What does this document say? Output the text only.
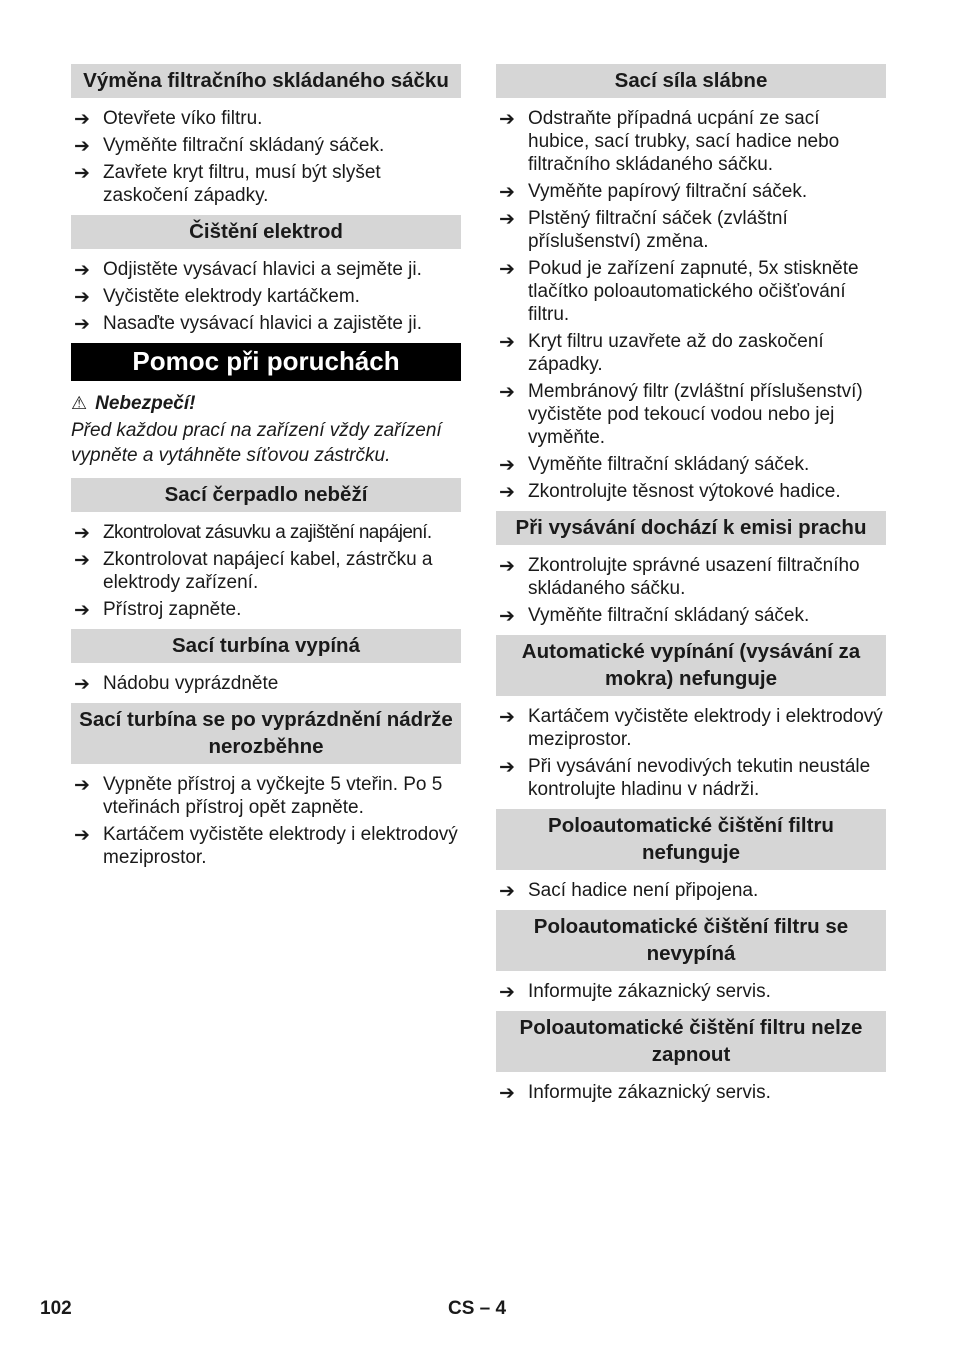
Výměna filtračního skládaného sáčku
➔ Otevřete víko filtru.
➔ Vyměňte filtrační skládaný sáček.
➔ Zavřete kryt filtru, musí být slyšet zaskočení západky.
Čištění elektrod
➔ Odjistěte vysávací hlavici a sejměte ji.
➔ Vyčistěte elektrody kartáčkem.
➔ Nasaďte vysávací hlavici a zajistěte ji.
Pomoc při poruchách
⚠ Nebezpečí!
Před každou prací na zařízení vždy zařízení vypněte a vytáhněte síťovou zástrčku.
Sací čerpadlo neběží
➔ Zkontrolovat zásuvku a zajištění napájení.
➔ Zkontrolovat napájecí kabel, zástrčku a elektrody zařízení.
➔ Přístroj zapněte.
Sací turbína vypíná
➔ Nádobu vyprázdněte
Sací turbína se po vyprázdnění nádrže nerozběhne
➔ Vypněte přístroj a vyčkejte 5 vteřin. Po 5 vteřinách přístroj opět zapněte.
➔ Kartáčem vyčistěte elektrody i elektrodový meziprostor.
Sací síla slábne
➔ Odstraňte případná ucpání ze sací hubice, sací trubky, sací hadice nebo filtračního skládaného sáčku.
➔ Vyměňte papírový filtrační sáček.
➔ Plstěný filtrační sáček (zvláštní příslušenství) změna.
➔ Pokud je zařízení zapnuté, 5x stiskněte tlačítko poloautomatického očišťování filtru.
➔ Kryt filtru uzavřete až do zaskočení západky.
➔ Membránový filtr (zvláštní příslušenství) vyčistěte pod tekoucí vodou nebo jej vyměňte.
➔ Vyměňte filtrační skládaný sáček.
➔ Zkontrolujte těsnost výtokové hadice.
Při vysávání dochází k emisi prachu
➔ Zkontrolujte správné usazení filtračního skládaného sáčku.
➔ Vyměňte filtrační skládaný sáček.
Automatické vypínání (vysávání za mokra) nefunguje
➔ Kartáčem vyčistěte elektrody i elektrodový meziprostor.
➔ Při vysávání nevodivých tekutin neustále kontrolujte hladinu v nádrži.
Poloautomatické čištění filtru nefunguje
➔ Sací hadice není připojena.
Poloautomatické čištění filtru se nevypíná
➔ Informujte zákaznický servis.
Poloautomatické čištění filtru nelze zapnout
➔ Informujte zákaznický servis.
102	CS – 4
